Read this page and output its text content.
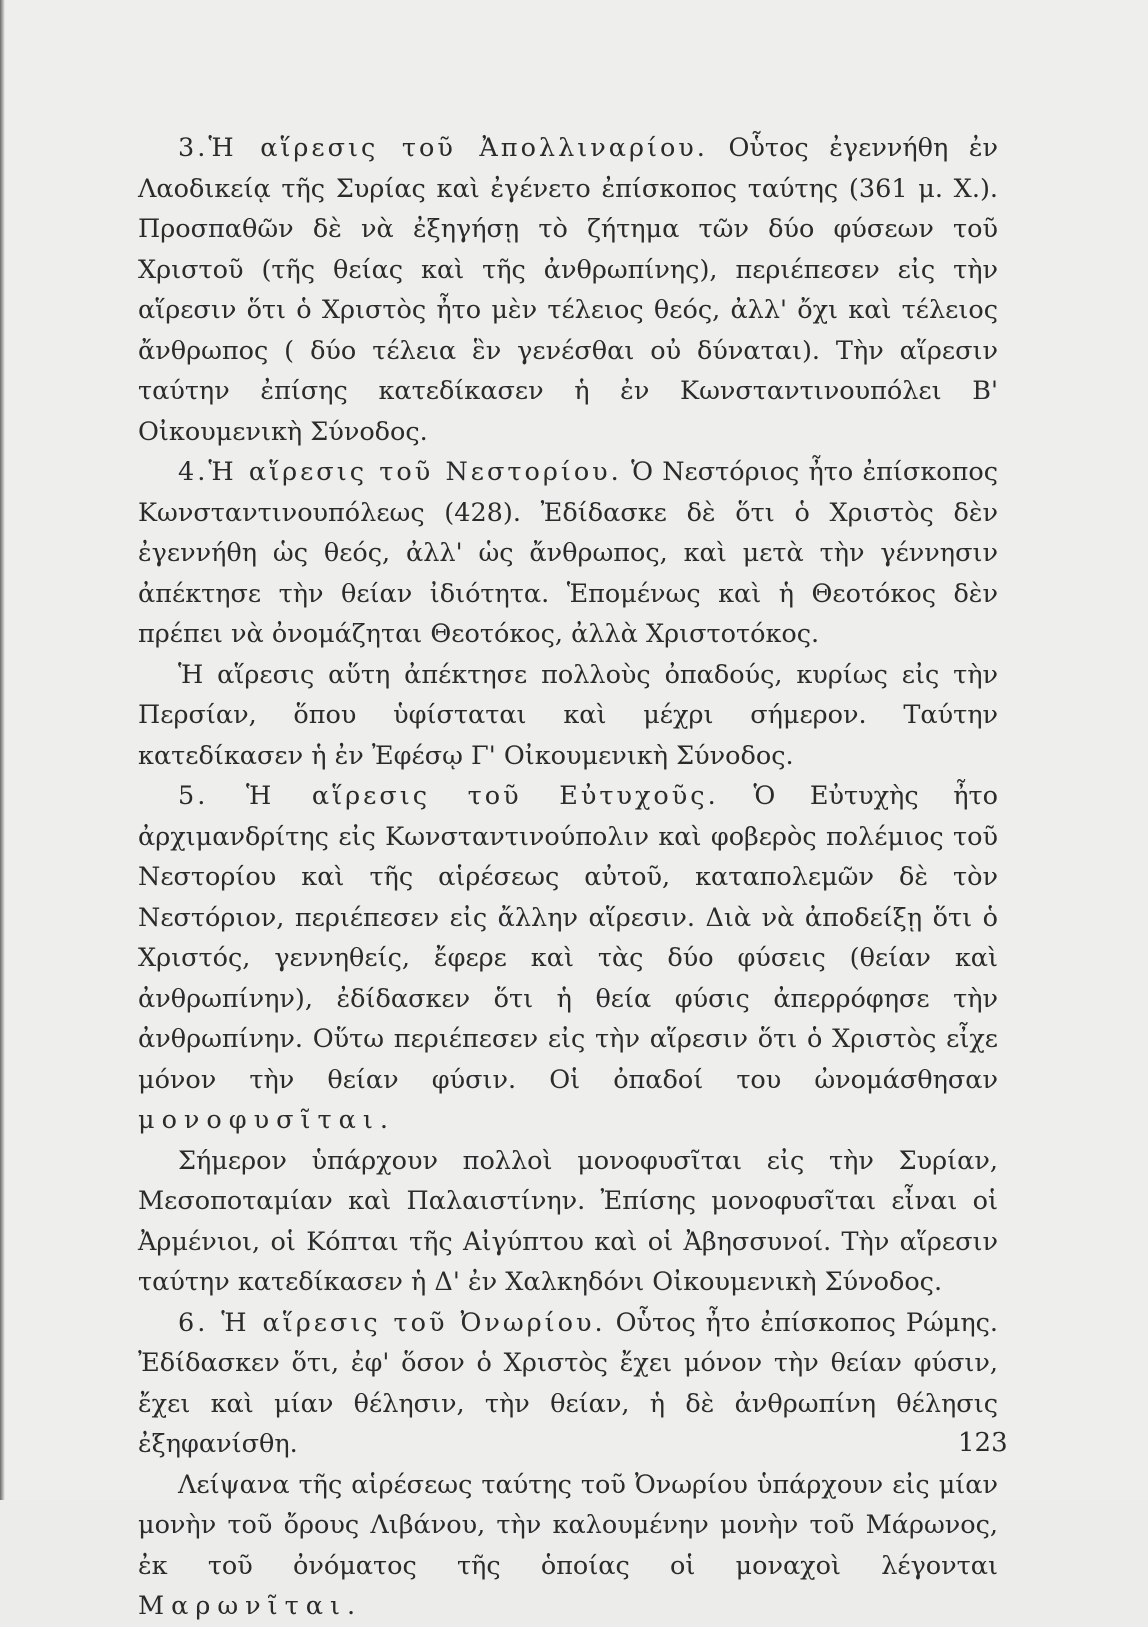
3.Ἡ αἵρεσις τοῦ Ἀπολλιναρίου. Οὗτος ἐγεννήθη ἐν Λαοδικείᾳ τῆς Συρίας καὶ ἐγένετο ἐπίσκοπος ταύτης (361 μ. Χ.). Προσπαθῶν δὲ νὰ ἐξηγήσῃ τὸ ζήτημα τῶν δύο φύσεων τοῦ Χριστοῦ (τῆς θείας καὶ τῆς ἀνθρωπίνης), περιέπεσεν εἰς τὴν αἵρεσιν ὅτι ὁ Χριστὸς ἦτο μὲν τέλειος θεός, ἀλλ' ὄχι καὶ τέλειος ἄνθρωπος ( δύο τέλεια ἓν γενέσθαι οὐ δύναται). Τὴν αἵρεσιν ταύτην ἐπίσης κατεδίκασεν ἡ ἐν Κωνσταντινουπόλει Β' Οἰκουμενικὴ Σύνοδος.

4.Ἡ αἵρεσις τοῦ Νεστορίου. Ὁ Νεστόριος ἦτο ἐπίσκοπος Κωνσταντινουπόλεως (428). Ἐδίδασκε δὲ ὅτι ὁ Χριστὸς δὲν ἐγεννήθη ὡς θεός, ἀλλ' ὡς ἄνθρωπος, καὶ μετὰ τὴν γέννησιν ἀπέκτησε τὴν θείαν ἰδιότητα. Ἑπομένως καὶ ἡ Θεοτόκος δὲν πρέπει νὰ ὀνομάζηται Θεοτόκος, ἀλλὰ Χριστοτόκος.

Ἡ αἵρεσις αὕτη ἀπέκτησε πολλοὺς ὀπαδούς, κυρίως εἰς τὴν Περσίαν, ὅπου ὑφίσταται καὶ μέχρι σήμερον. Ταύτην κατεδίκασεν ἡ ἐν Ἐφέσῳ Γ' Οἰκουμενικὴ Σύνοδος.

5. Ἡ αἵρεσις τοῦ Εὐτυχοῦς. Ὁ Εὐτυχὴς ἦτο ἀρχιμανδρίτης εἰς Κωνσταντινούπολιν καὶ φοβερὸς πολέμιος τοῦ Νεστορίου καὶ τῆς αἱρέσεως αὐτοῦ, καταπολεμῶν δὲ τὸν Νεστόριον, περιέπεσεν εἰς ἄλλην αἵρεσιν. Διὰ νὰ ἀποδείξῃ ὅτι ὁ Χριστός, γεννηθείς, ἔφερε καὶ τὰς δύο φύσεις (θείαν καὶ ἀνθρωπίνην), ἐδίδασκεν ὅτι ἡ θεία φύσις ἀπερρόφησε τὴν ἀνθρωπίνην. Οὕτω περιέπεσεν εἰς τὴν αἵρεσιν ὅτι ὁ Χριστὸς εἶχε μόνον τὴν θείαν φύσιν. Οἱ ὀπαδοί του ὠνομάσθησαν μονοφυσῖται.

Σήμερον ὑπάρχουν πολλοὶ μονοφυσῖται εἰς τὴν Συρίαν, Μεσοποταμίαν καὶ Παλαιστίνην. Ἐπίσης μονοφυσῖται εἶναι οἱ Ἀρμένιοι, οἱ Κόπται τῆς Αἰγύπτου καὶ οἱ Ἀβησσυνοί. Τὴν αἵρεσιν ταύτην κατεδίκασεν ἡ Δ' ἐν Χαλκηδόνι Οἰκουμενικὴ Σύνοδος.

6. Ἡ αἵρεσις τοῦ Ὀνωρίου. Οὗτος ἦτο ἐπίσκοπος Ρώμης. Ἐδίδασκεν ὅτι, ἐφ' ὅσον ὁ Χριστὸς ἔχει μόνον τὴν θείαν φύσιν, ἔχει καὶ μίαν θέλησιν, τὴν θείαν, ἡ δὲ ἀνθρωπίνη θέλησις ἐξηφανίσθη.

Λείψανα τῆς αἱρέσεως ταύτης τοῦ Ὀνωρίου ὑπάρχουν εἰς μίαν μονὴν τοῦ ὄρους Λιβάνου, τὴν καλουμένην μονὴν τοῦ Μάρωνος, ἐκ τοῦ ὀνόματος τῆς ὁποίας οἱ μοναχοὶ λέγονται Μαρωνῖται.

123
